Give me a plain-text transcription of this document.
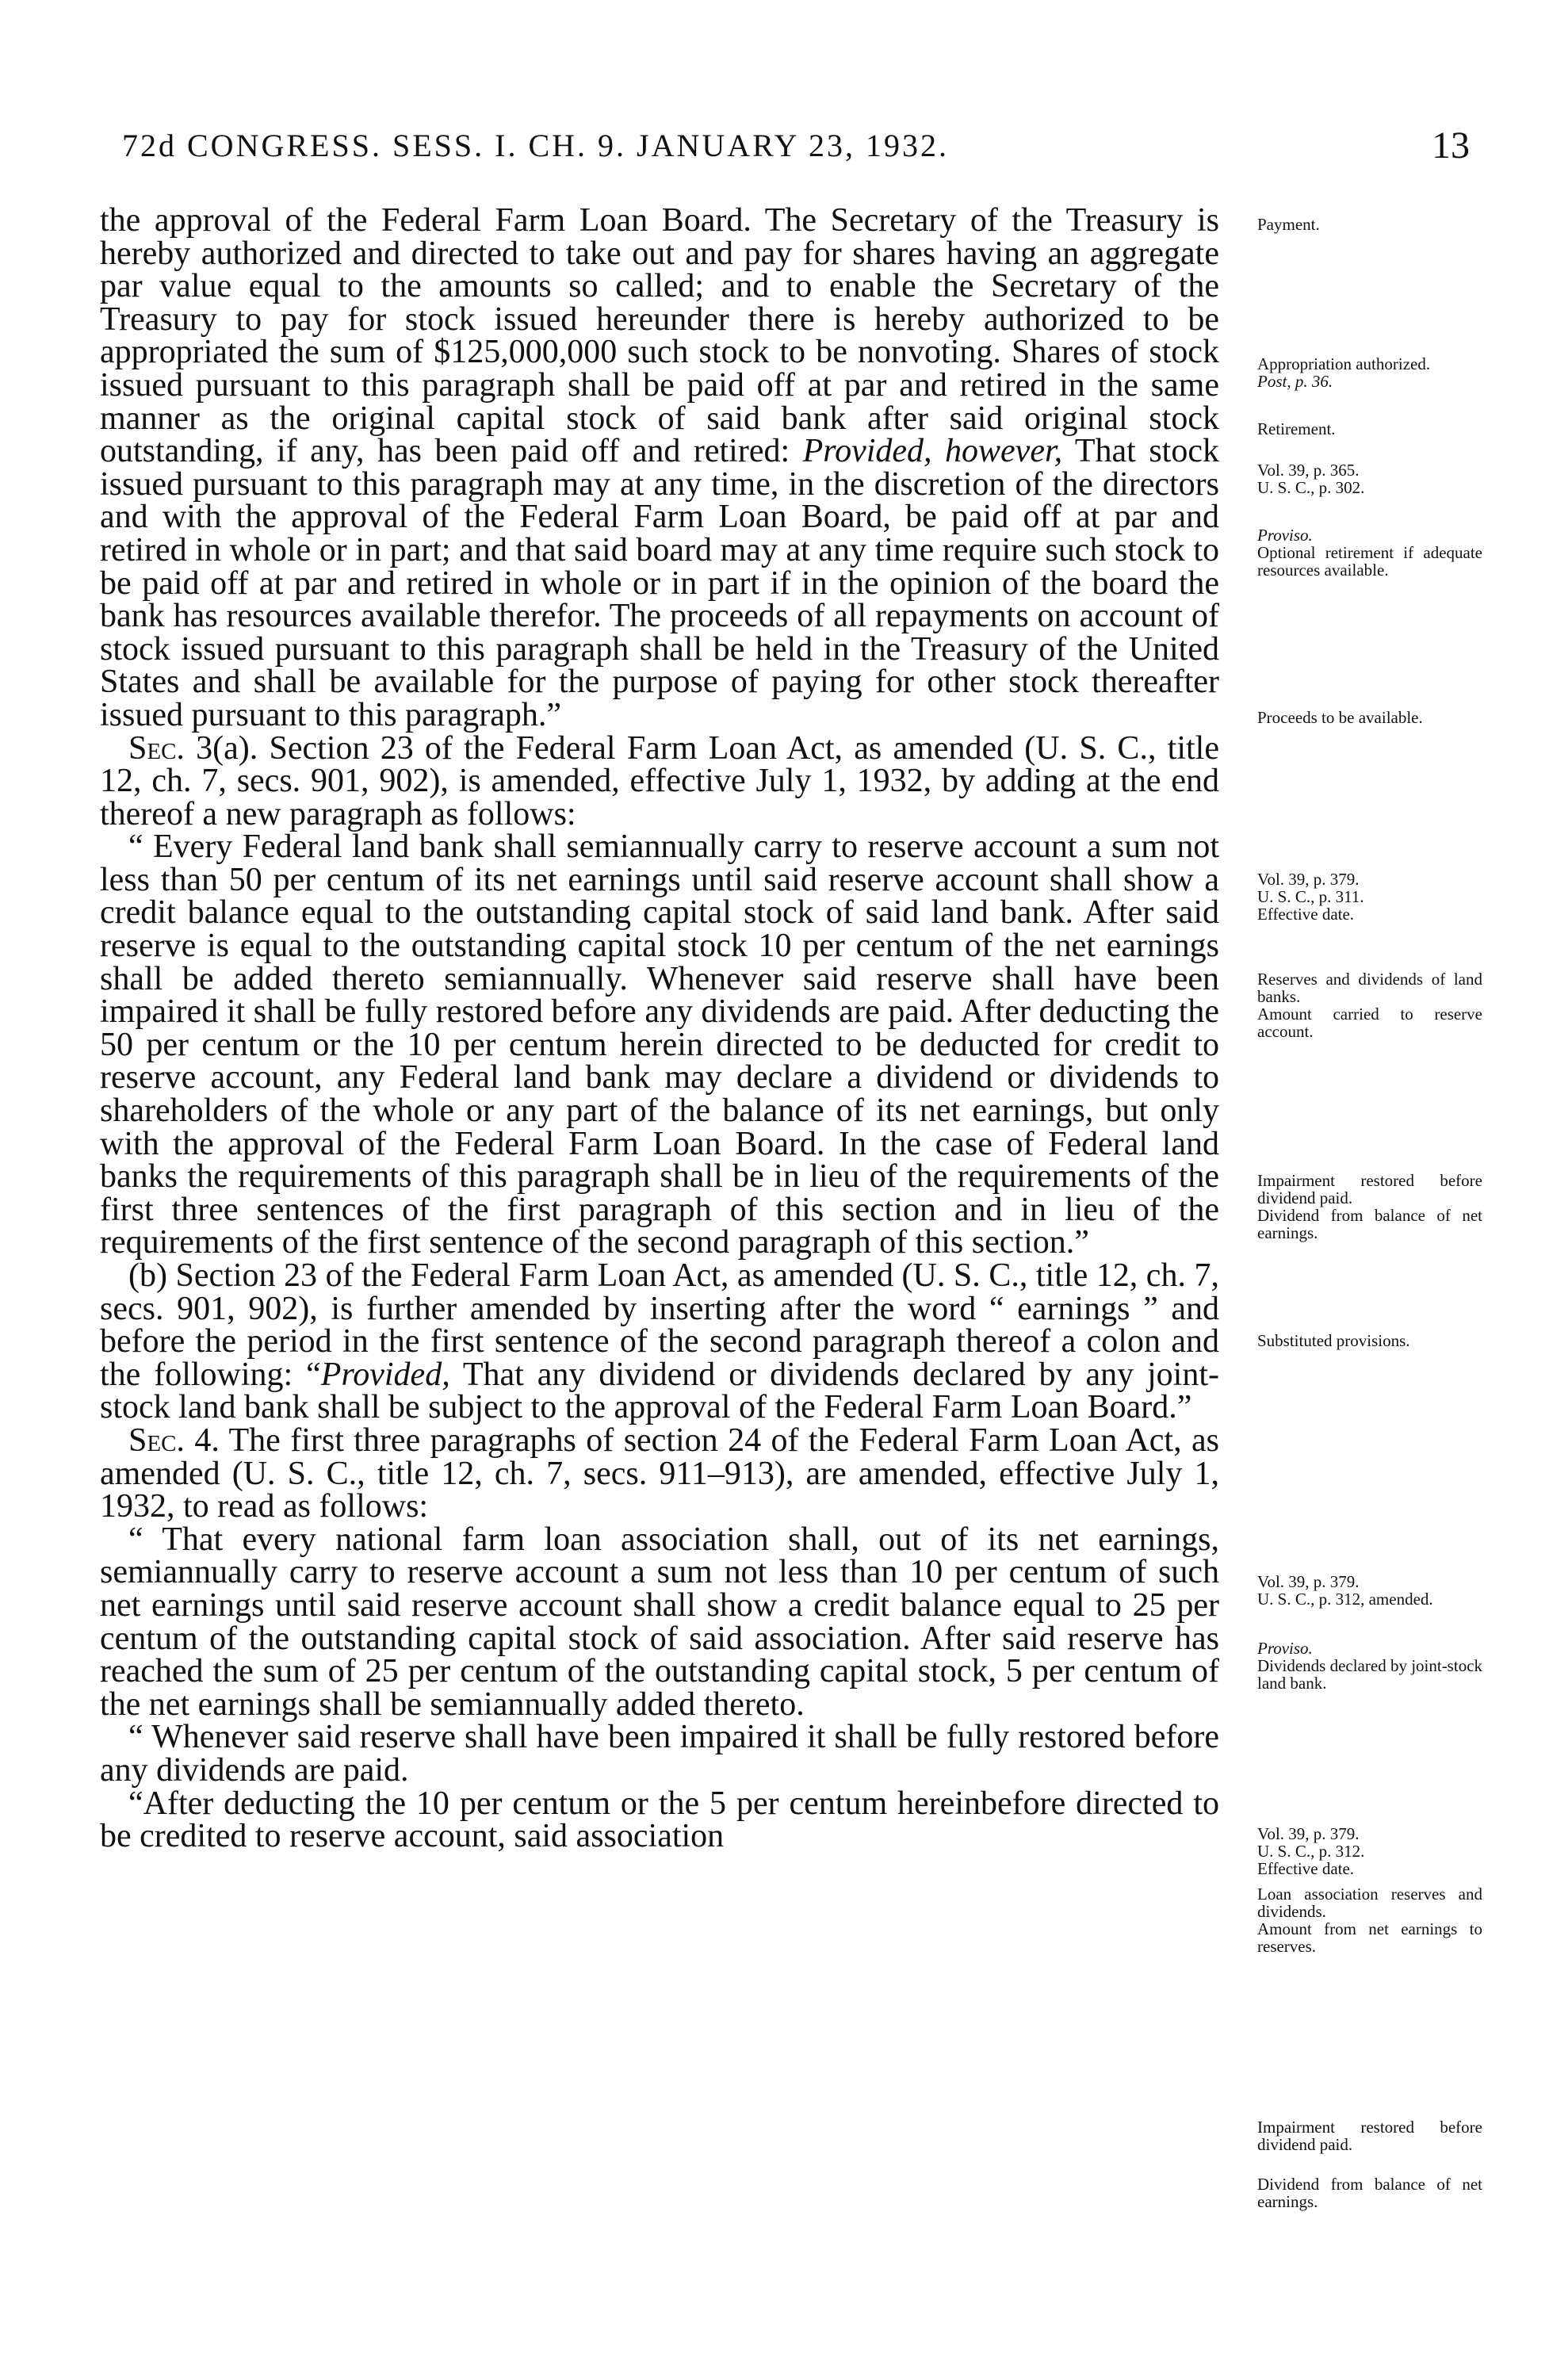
72d CONGRESS. SESS. I. CH. 9. JANUARY 23, 1932.	13

the approval of the Federal Farm Loan Board. The Secretary of the Treasury is hereby authorized and directed to take out and pay for shares having an aggregate par value equal to the amounts so called; and to enable the Secretary of the Treasury to pay for stock issued hereunder there is hereby authorized to be appropriated the sum of $125,000,000 such stock to be nonvoting. Shares of stock issued pursuant to this paragraph shall be paid off at par and retired in the same manner as the original capital stock of said bank after said original stock outstanding, if any, has been paid off and retired: Provided, however, That stock issued pursuant to this paragraph may at any time, in the discretion of the directors and with the approval of the Federal Farm Loan Board, be paid off at par and retired in whole or in part; and that said board may at any time require such stock to be paid off at par and retired in whole or in part if in the opinion of the board the bank has resources available therefor. The proceeds of all repayments on account of stock issued pursuant to this paragraph shall be held in the Treasury of the United States and shall be available for the purpose of paying for other stock thereafter issued pursuant to this paragraph.”

Sec. 3(a). Section 23 of the Federal Farm Loan Act, as amended (U. S. C., title 12, ch. 7, secs. 901, 902), is amended, effective July 1, 1932, by adding at the end thereof a new paragraph as follows:

“ Every Federal land bank shall semiannually carry to reserve account a sum not less than 50 per centum of its net earnings until said reserve account shall show a credit balance equal to the outstanding capital stock of said land bank. After said reserve is equal to the outstanding capital stock 10 per centum of the net earnings shall be added thereto semiannually. Whenever said reserve shall have been impaired it shall be fully restored before any dividends are paid. After deducting the 50 per centum or the 10 per centum herein directed to be deducted for credit to reserve account, any Federal land bank may declare a dividend or dividends to shareholders of the whole or any part of the balance of its net earnings, but only with the approval of the Federal Farm Loan Board. In the case of Federal land banks the requirements of this paragraph shall be in lieu of the requirements of the first three sentences of the first paragraph of this section and in lieu of the requirements of the first sentence of the second paragraph of this section.”

(b) Section 23 of the Federal Farm Loan Act, as amended (U. S. C., title 12, ch. 7, secs. 901, 902), is further amended by inserting after the word “ earnings ” and before the period in the first sentence of the second paragraph thereof a colon and the following: “Provided, That any dividend or dividends declared by any joint-stock land bank shall be subject to the approval of the Federal Farm Loan Board.”

Sec. 4. The first three paragraphs of section 24 of the Federal Farm Loan Act, as amended (U. S. C., title 12, ch. 7, secs. 911–913), are amended, effective July 1, 1932, to read as follows:

“ That every national farm loan association shall, out of its net earnings, semiannually carry to reserve account a sum not less than 10 per centum of such net earnings until said reserve account shall show a credit balance equal to 25 per centum of the outstanding capital stock of said association. After said reserve has reached the sum of 25 per centum of the outstanding capital stock, 5 per centum of the net earnings shall be semiannually added thereto.

“ Whenever said reserve shall have been impaired it shall be fully restored before any dividends are paid.

“After deducting the 10 per centum or the 5 per centum hereinbefore directed to be credited to reserve account, said association

Payment.

Appropriation authorized.

Post, p. 36.

Retirement.

Vol. 39, p. 365.

U. S. C., p. 302.

Proviso.

Optional retirement if adequate resources available.

Proceeds to be available.

Vol. 39, p. 379.

U. S. C., p. 311.

Effective date.

Reserves and dividends of land banks.

Amount carried to reserve account.

Impairment restored before dividend paid.

Dividend from balance of net earnings.

Substituted provisions.

Vol. 39, p. 379.

U. S. C., p. 312, amended.

Proviso.

Dividends declared by joint-stock land bank.

Vol. 39, p. 379.

U. S. C., p. 312.

Effective date.

Loan association reserves and dividends.

Amount from net earnings to reserves.

Impairment restored before dividend paid.

Dividend from balance of net earnings.
